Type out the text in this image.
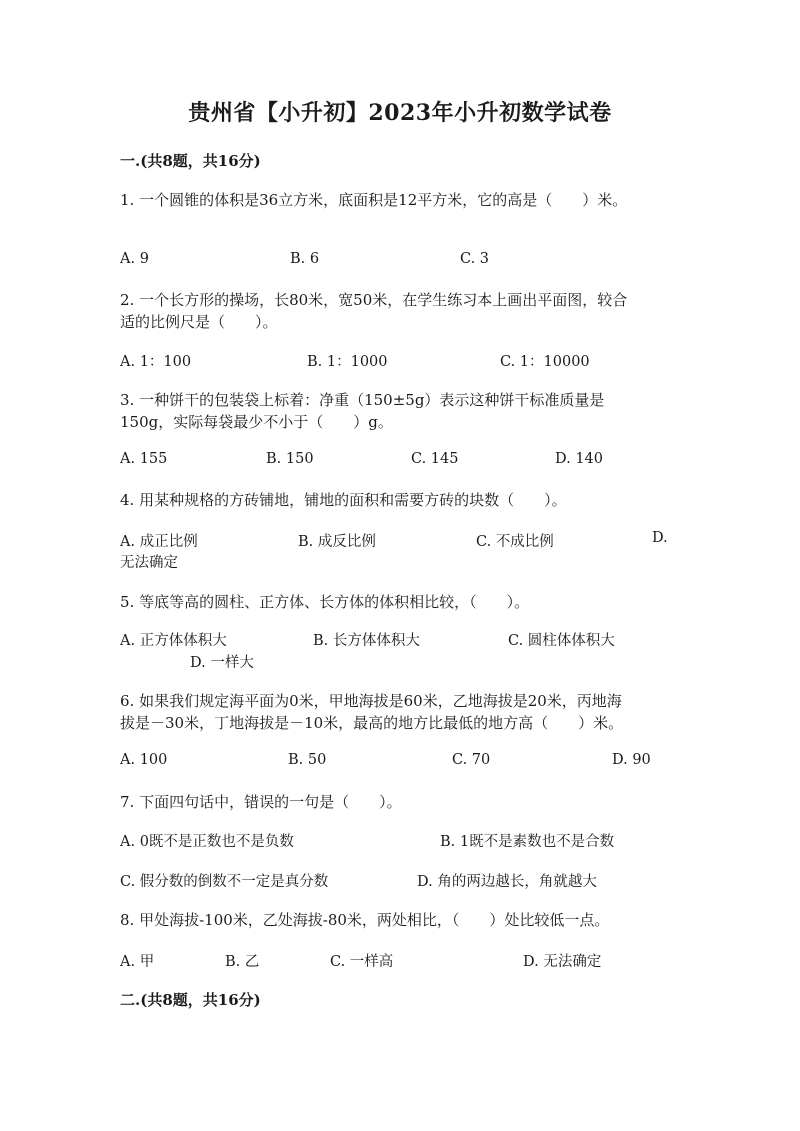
贵州省【小升初】2023年小升初数学试卷
一.(共8题，共16分)
1. 一个圆锥的体积是36立方米，底面积是12平方米，它的高是（　　）米。
A. 9	B. 6	C. 3
2. 一个长方形的操场，长80米，宽50米，在学生练习本上画出平面图，较合
适的比例尺是（　　）。
A. 1：100	B. 1：1000	C. 1：10000
3. 一种饼干的包装袋上标着：净重（150±5g）表示这种饼干标准质量是
150g，实际每袋最少不小于（　　）g。
A. 155	B. 150	C. 145	D. 140
4. 用某种规格的方砖铺地，铺地的面积和需要方砖的块数（　　）。
A. 成正比例	B. 成反比例	C. 不成比例	D.
无法确定
5. 等底等高的圆柱、正方体、长方体的体积相比较，（　　）。
A. 正方体体积大	B. 长方体体积大	C. 圆柱体体积大
D. 一样大
6. 如果我们规定海平面为0米，甲地海拔是60米，乙地海拔是20米，丙地海
拔是－30米，丁地海拔是－10米，最高的地方比最低的地方高（　　）米。
A. 100	B. 50	C. 70	D. 90
7. 下面四句话中，错误的一句是（　　）。
A. 0既不是正数也不是负数	B. 1既不是素数也不是合数
C. 假分数的倒数不一定是真分数	D. 角的两边越长，角就越大
8. 甲处海拔-100米，乙处海拔-80米，两处相比，（　　）处比较低一点。
A. 甲	B. 乙	C. 一样高	D. 无法确定
二.(共8题，共16分)
